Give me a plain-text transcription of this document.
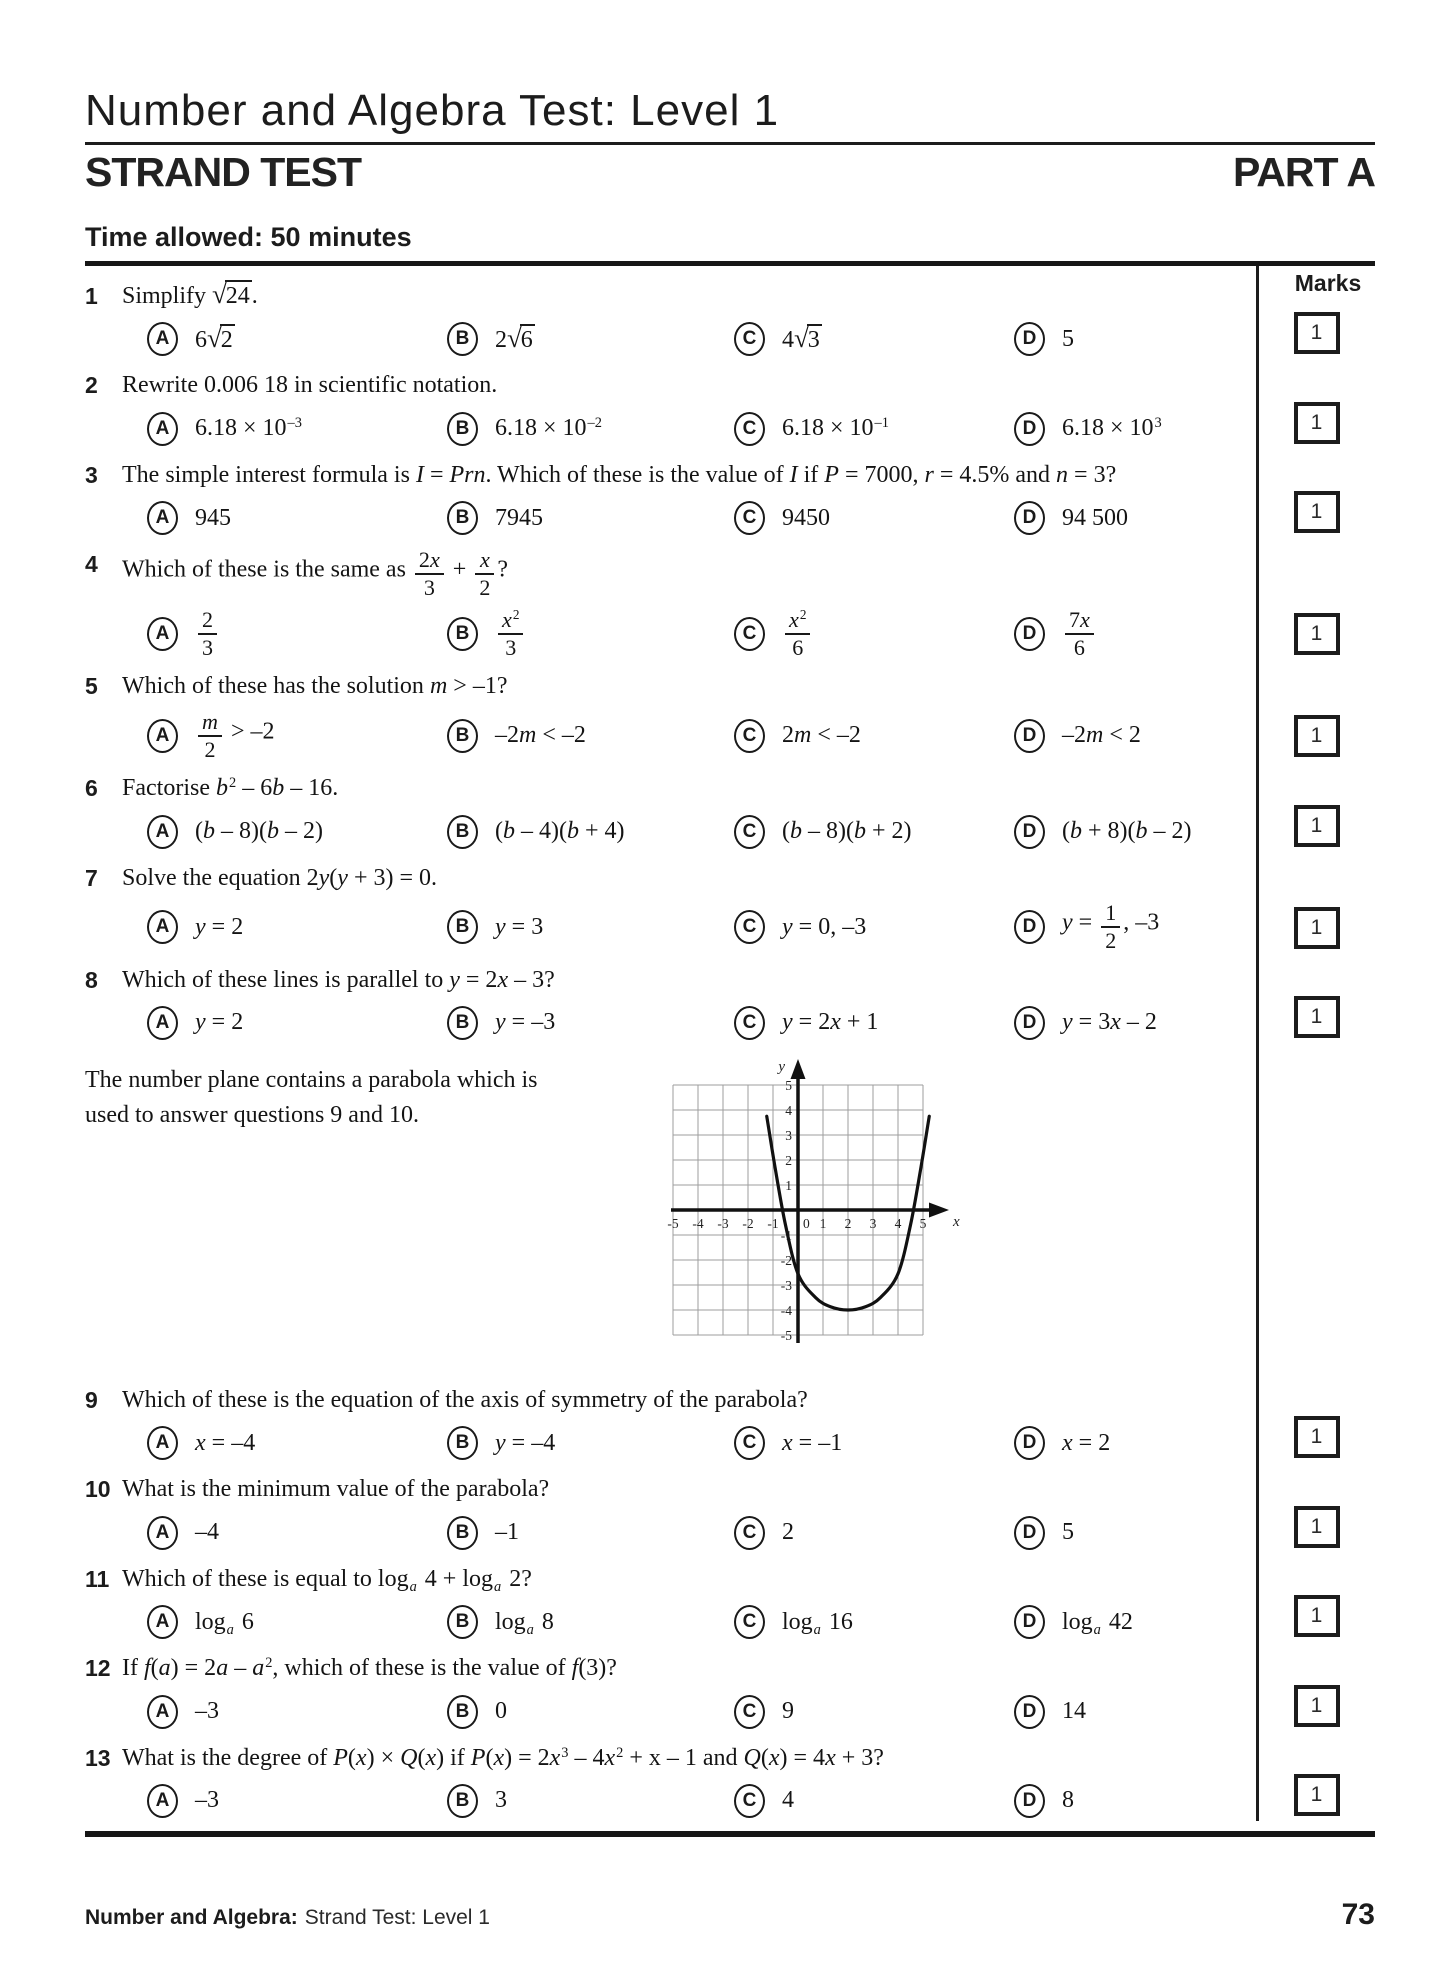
Number and Algebra Test: Level 1
STRAND TEST	PART A
Time allowed: 50 minutes
Marks
1	Simplify √ 24 .
A	6 √ 2	B	2 √ 6	C	4 √ 3	D	5	1
2	Rewrite 0.006 18 in scientific notation.
A	$6.18 \times 10^{-3}$	B	$6.18 \times 10^{-2}$	C	$6.18 \times 10^{-1}$	D	$6.18 \times 10^3$	1
3	The simple interest formula is I = Prn. Which of these is the value of I if P = 7000, r = 4.5% and n = 3?
A	945	B	7945	C	9450	D	94 500	1
4	Which of these is the same as $\frac{2x}{3} + \frac{x}{2}$ ?
A	$\frac{2}{3}$	B	$\frac{x^2}{3}$	C	$\frac{x^2}{6}$	D	$\frac{7x}{6}$	1
5	Which of these has the solution m > –1?
A	$\frac{m}{2} > -2$	B	–2m < –2	C	2m < –2	D	–2m < 2	1
6	Factorise $b^2 - 6b - 16$.
A	(b – 8)(b – 2)	B	(b – 4)(b + 4)	C	(b – 8)(b + 2)	D	(b + 8)(b – 2)	1
7	Solve the equation 2y(y + 3) = 0.
A	y = 2	B	y = 3	C	y = 0, –3	D	$y = \frac{1}{2}$ , –3	1
8	Which of these lines is parallel to y = 2x – 3?
A	y = 2	B	y = –3	C	y = 2x + 1	D	y = 3x – 2	1
The number plane contains a parabola which is used to answer questions 9 and 10.
-5 -4 -3 -2 -1 0 1 2 3 4 5
-5
-4
-3
-2
-1
1
2
3
4
5
x
y
9	Which of these is the equation of the axis of symmetry of the parabola?
A	x = –4	B	y = –4	C	x = –1	D	x = 2	1
10 What is the minimum value of the parabola?
A	–4	B	–1	C	2	D	5	1
11 Which of these is equal to $\log_a 4 + \log_a 2$?
A	$\log_a 6$	B	$\log_a 8$	C	$\log_a 16$	D	$\log_a 42$	1
12 If $f(a) = 2a - a^2$, which of these is the value of f(3)?
A	–3	B	0	C	9	D	14	1
13 What is the degree of P(x) × Q(x) if $P(x) = 2x^3 - 4x^2 + x - 1$ and Q(x) = 4x + 3?
A	–3	B	3	C	4	D	8	1
Number and Algebra: Strand Test: Level 1	73
